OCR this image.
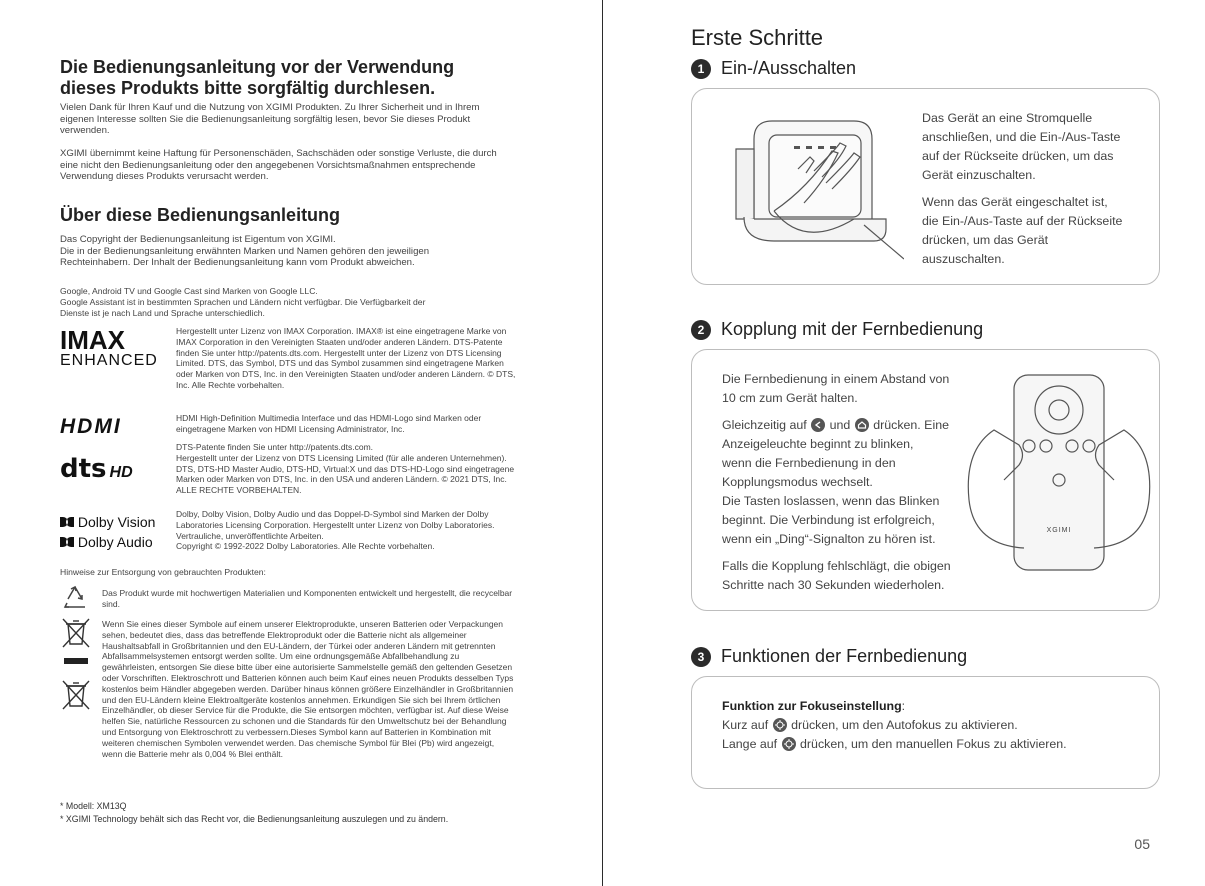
Die Bedienungsanleitung vor der Verwendung
dieses Produkts bitte sorgfältig durchlesen.

Vielen Dank für Ihren Kauf und die Nutzung von XGIMI Produkten. Zu Ihrer Sicherheit und in Ihrem eigenen Interesse sollten Sie die Bedienungsanleitung sorgfältig lesen, bevor Sie dieses Produkt verwenden.

XGIMI übernimmt keine Haftung für Personenschäden, Sachschäden oder sonstige Verluste, die durch eine nicht den Bedienungsanleitung oder den angegebenen Vorsichtsmaßnahmen entsprechende Verwendung dieses Produkts verursacht werden.

Über diese Bedienungsanleitung
Das Copyright der Bedienungsanleitung ist Eigentum von XGIMI.
Die in der Bedienungsanleitung erwähnten Marken und Namen gehören den jeweiligen
Rechteinhabern. Der Inhalt der Bedienungsanleitung kann vom Produkt abweichen.
Google, Android TV und Google Cast sind Marken von Google LLC.
Google Assistant ist in bestimmten Sprachen und Ländern nicht verfügbar. Die Verfügbarkeit der
Dienste ist je nach Land und Sprache unterschiedlich.
IMAX
ENHANCED

Hergestellt unter Lizenz von IMAX Corporation. IMAX® ist eine eingetragene Marke von IMAX Corporation in den Vereinigten Staaten und/oder anderen Ländern. DTS-Patente finden Sie unter http://patents.dts.com. Hergestellt unter der Lizenz von DTS Licensing Limited. DTS, das Symbol, DTS und das Symbol zusammen sind eingetragene Marken oder Marken von DTS, Inc. in den Vereinigten Staaten und/oder anderen Ländern. © DTS, Inc. Alle Rechte vorbehalten.

HDMI	HDMI High-Definition Multimedia Interface und das HDMI-Logo sind Marken oder eingetragene Marken von HDMI Licensing Administrator, Inc.

dts HD
DTS-Patente finden Sie unter http://patents.dts.com.
Hergestellt unter der Lizenz von DTS Licensing Limited (für alle anderen Unternehmen). DTS, DTS-HD Master Audio, DTS-HD, Virtual:X und das DTS-HD-Logo sind eingetragene Marken oder Marken von DTS, Inc. in den USA und anderen Ländern. © 2021 DTS, Inc. ALLE RECHTE VORBEHALTEN.
Dolby Vision
Dolby Audio
Dolby, Dolby Vision, Dolby Audio und das Doppel-D-Symbol sind Marken der Dolby Laboratories Licensing Corporation. Hergestellt unter Lizenz von Dolby Laboratories. Vertrauliche, unveröffentlichte Arbeiten.
Copyright © 1992-2022 Dolby Laboratories. Alle Rechte vorbehalten.
Hinweise zur Entsorgung von gebrauchten Produkten:

Das Produkt wurde mit hochwertigen Materialien und Komponenten entwickelt und hergestellt, die recycelbar sind.

Wenn Sie eines dieser Symbole auf einem unserer Elektroprodukte, unseren Batterien oder Verpackungen sehen, bedeutet dies, dass das betreffende Elektroprodukt oder die Batterie nicht als allgemeiner Haushaltsabfall in Großbritannien und den EU-Ländern, der Türkei oder anderen Ländern mit getrennten Abfallsammelsystemen entsorgt werden sollte. Um eine ordnungsgemäße Abfallbehandlung zu gewährleisten, entsorgen Sie diese bitte über eine autorisierte Sammelstelle gemäß den geltenden Gesetzen oder Vorschriften. Elektroschrott und Batterien können auch beim Kauf eines neuen Produkts desselben Typs kostenlos beim Händler abgegeben werden. Darüber hinaus können größere Einzelhändler in Großbritannien und den EU-Ländern kleine Elektroaltgeräte kostenlos annehmen. Erkundigen Sie sich bei Ihrem örtlichen Einzelhändler, ob dieser Service für die Produkte, die Sie entsorgen möchten, verfügbar ist. Auf diese Weise helfen Sie, natürliche Ressourcen zu schonen und die Standards für den Umweltschutz bei der Behandlung und Entsorgung von Elektroschrott zu verbessern.Dieses Symbol kann auf Batterien in Kombination mit weiteren chemischen Symbolen verwendet werden. Das chemische Symbol für Blei (Pb) wird angezeigt, wenn die Batterie mehr als 0,004 % Blei enthält.

* Modell: XM13Q
* XGIMI Technology behält sich das Recht vor, die Bedienungsanleitung auszulegen und zu ändern.
Erste Schritte
1 Ein-/Ausschalten
Das Gerät an eine Stromquelle
anschließen, und die Ein-/Aus-Taste
auf der Rückseite drücken, um das
Gerät einzuschalten.
Wenn das Gerät eingeschaltet ist,
die Ein-/Aus-Taste auf der Rückseite
drücken, um das Gerät
auszuschalten.
2 Kopplung mit der Fernbedienung
Die Fernbedienung in einem Abstand von
10 cm zum Gerät halten.
Gleichzeitig auf und drücken. Eine
Anzeigeleuchte beginnt zu blinken,
wenn die Fernbedienung in den
Kopplungsmodus wechselt.
Die Tasten loslassen, wenn das Blinken
beginnt. Die Verbindung ist erfolgreich,
wenn ein „Ding“-Signalton zu hören ist.
Falls die Kopplung fehlschlägt, die obigen
Schritte nach 30 Sekunden wiederholen.
XGIMI
3 Funktionen der Fernbedienung
Funktion zur Fokuseinstellung:
Kurz auf drücken, um den Autofokus zu aktivieren.
Lange auf drücken, um den manuellen Fokus zu aktivieren.
05
